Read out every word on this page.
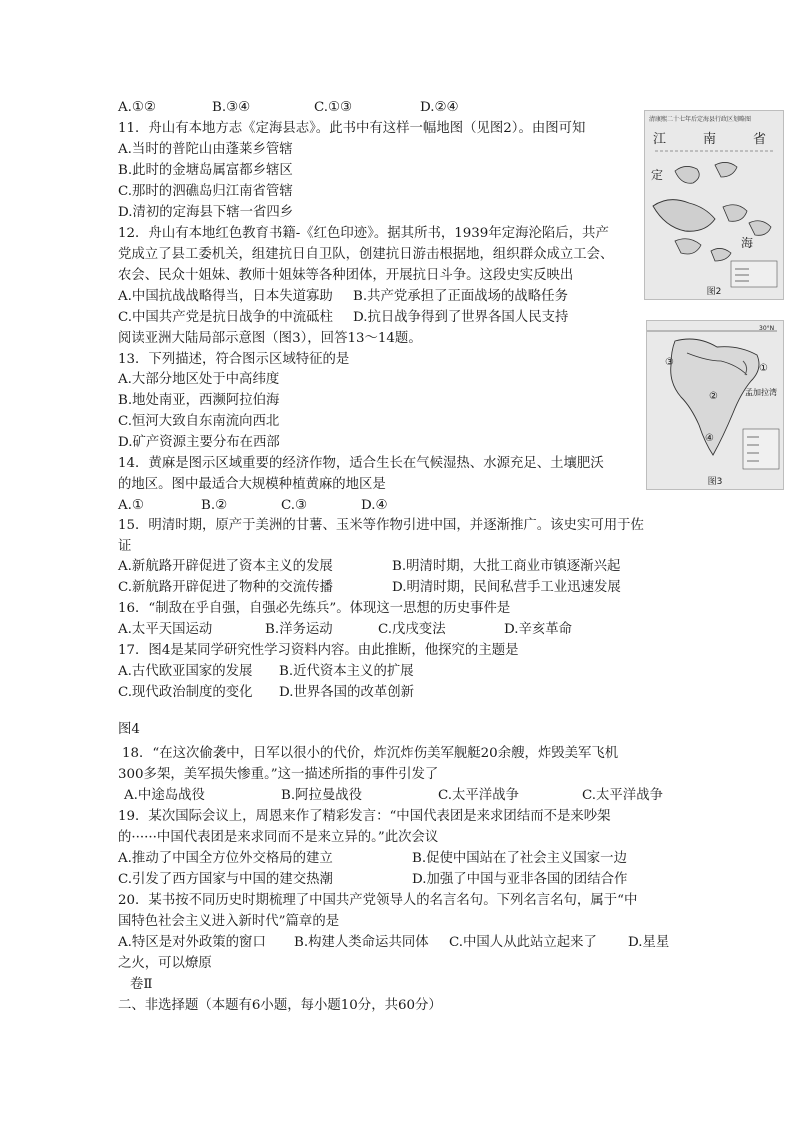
A.①②	B.③④	C.①③	D.②④
11．舟山有本地方志《定海县志》。此书中有这样一幅地图（见图2）。由图可知
A.当时的普陀山由蓬莱乡管辖
B.此时的金塘岛属富都乡辖区
C.那时的泗礁岛归江南省管辖
D.清初的定海县下辖一省四乡
12．舟山有本地红色教育书籍-《红色印迹》。据其所书，1939年定海沦陷后，共产
党成立了县工委机关，组建抗日自卫队，创建抗日游击根据地，组织群众成立工会、
农会、民众十姐妹、教师十姐妹等各种团体，开展抗日斗争。这段史实反映出
A.中国抗战战略得当，日本失道寡助 B.共产党承担了正面战场的战略任务
C.中国共产党是抗日战争的中流砥柱 D.抗日战争得到了世界各国人民支持
阅读亚洲大陆局部示意图（图3），回答13～14题。
13．下列描述，符合图示区域特征的是
A.大部分地区处于中高纬度
B.地处南亚，西濒阿拉伯海
C.恒河大致自东南流向西北
D.矿产资源主要分布在西部
14．黄麻是图示区域重要的经济作物，适合生长在气候湿热、水源充足、土壤肥沃
的地区。图中最适合大规模种植黄麻的地区是
A.①	B.②	C.③	D.④
15．明清时期，原产于美洲的甘薯、玉米等作物引进中国，并逐渐推广。该史实可用于佐
证
A.新航路开辟促进了资本主义的发展	B.明清时期，大批工商业市镇逐渐兴起
C.新航路开辟促进了物种的交流传播	D.明清时期，民间私营手工业迅速发展
16．“制敌在乎自强，自强必先练兵”。体现这一思想的历史事件是
A.太平天国运动	B.洋务运动	C.戊戌变法	D.辛亥革命
17．图4是某同学研究性学习资料内容。由此推断，他探究的主题是
A.古代欧亚国家的发展 B.近代资本主义的扩展
C.现代政治制度的变化 D.世界各国的改革创新
图4
18．“在这次偷袭中，日军以很小的代价，炸沉炸伤美军舰艇20余艘，炸毁美军飞机
300多架，美军损失惨重。”这一描述所指的事件引发了
A.中途岛战役	B.阿拉曼战役	C.太平洋战争	C.太平洋战争
19．某次国际会议上，周恩来作了精彩发言：“中国代表团是来求团结而不是来吵架
的······中国代表团是来求同而不是来立异的。”此次会议
A.推动了中国全方位外交格局的建立	B.促使中国站在了社会主义国家一边
C.引发了西方国家与中国的建交热潮	D.加强了中国与亚非各国的团结合作
20．某书按不同历史时期梳理了中国共产党领导人的名言名句。下列名言名句，属于“中
国特色社会主义进入新时代”篇章的是
A.特区是对外政策的窗口 B.构建人类命运共同体 C.中国人从此站立起来了 D.星星
之火，可以燎原
卷Ⅱ
二、非选择题（本题有6小题，每小题10分，共60分）
清康熙二十七年后定海县行政区划略图
江	南	省
定
海
图2
30°N
③
①
②
④
孟加拉湾
图3
